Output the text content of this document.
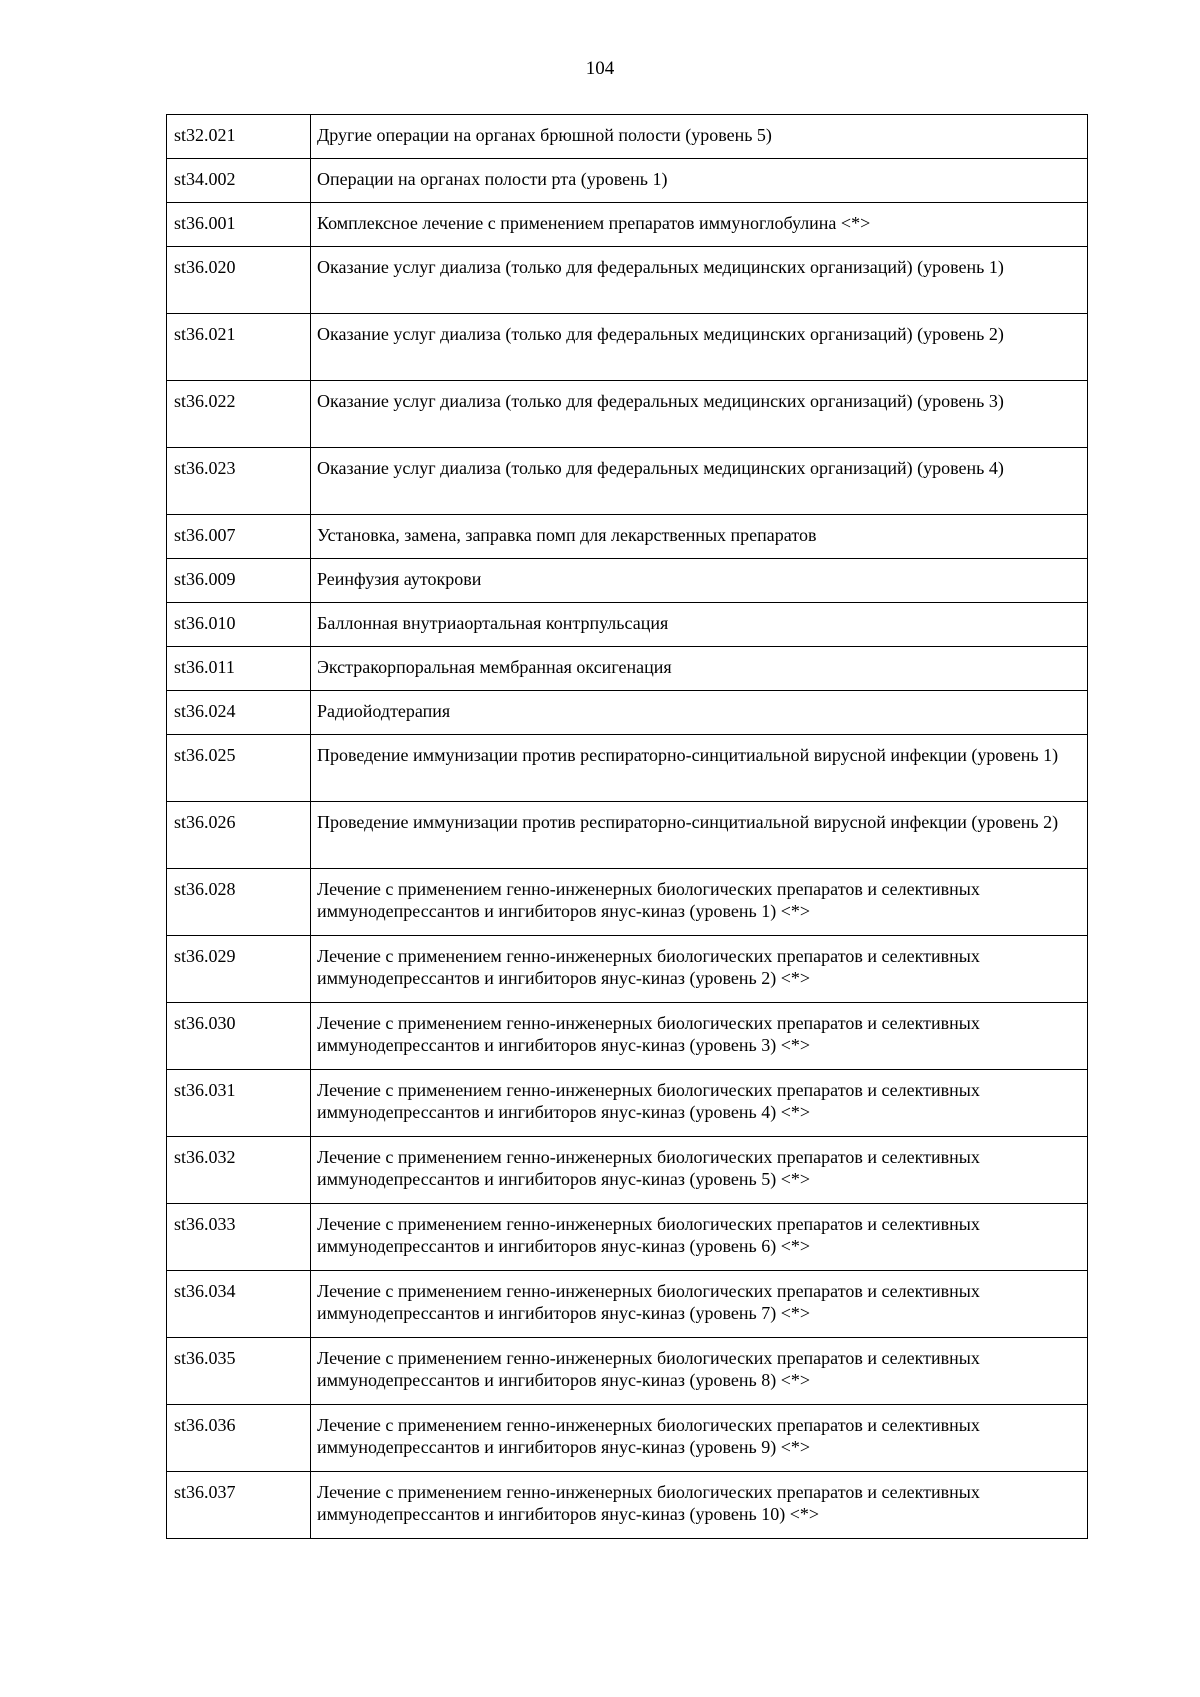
104
st32.021	Другие операции на органах брюшной полости (уровень 5)
st34.002	Операции на органах полости рта (уровень 1)
st36.001	Комплексное лечение с применением препаратов иммуноглобулина <*>
st36.020	Оказание услуг диализа (только для федеральных медицинских организаций) (уровень 1)
st36.021	Оказание услуг диализа (только для федеральных медицинских организаций) (уровень 2)
st36.022	Оказание услуг диализа (только для федеральных медицинских организаций) (уровень 3)
st36.023	Оказание услуг диализа (только для федеральных медицинских организаций) (уровень 4)
st36.007	Установка, замена, заправка помп для лекарственных препаратов
st36.009	Реинфузия аутокрови
st36.010	Баллонная внутриаортальная контрпульсация
st36.011	Экстракорпоральная мембранная оксигенация
st36.024	Радиойодтерапия
st36.025	Проведение иммунизации против респираторно-синцитиальной вирусной инфекции (уровень 1)
st36.026	Проведение иммунизации против респираторно-синцитиальной вирусной инфекции (уровень 2)
st36.028	Лечение с применением генно-инженерных биологических препаратов и селективных иммунодепрессантов и ингибиторов янус-киназ (уровень 1) <*>
st36.029	Лечение с применением генно-инженерных биологических препаратов и селективных иммунодепрессантов и ингибиторов янус-киназ (уровень 2) <*>
st36.030	Лечение с применением генно-инженерных биологических препаратов и селективных иммунодепрессантов и ингибиторов янус-киназ (уровень 3) <*>
st36.031	Лечение с применением генно-инженерных биологических препаратов и селективных иммунодепрессантов и ингибиторов янус-киназ (уровень 4) <*>
st36.032	Лечение с применением генно-инженерных биологических препаратов и селективных иммунодепрессантов и ингибиторов янус-киназ (уровень 5) <*>
st36.033	Лечение с применением генно-инженерных биологических препаратов и селективных иммунодепрессантов и ингибиторов янус-киназ (уровень 6) <*>
st36.034	Лечение с применением генно-инженерных биологических препаратов и селективных иммунодепрессантов и ингибиторов янус-киназ (уровень 7) <*>
st36.035	Лечение с применением генно-инженерных биологических препаратов и селективных иммунодепрессантов и ингибиторов янус-киназ (уровень 8) <*>
st36.036	Лечение с применением генно-инженерных биологических препаратов и селективных иммунодепрессантов и ингибиторов янус-киназ (уровень 9) <*>
st36.037	Лечение с применением генно-инженерных биологических препаратов и селективных иммунодепрессантов и ингибиторов янус-киназ (уровень 10) <*>
